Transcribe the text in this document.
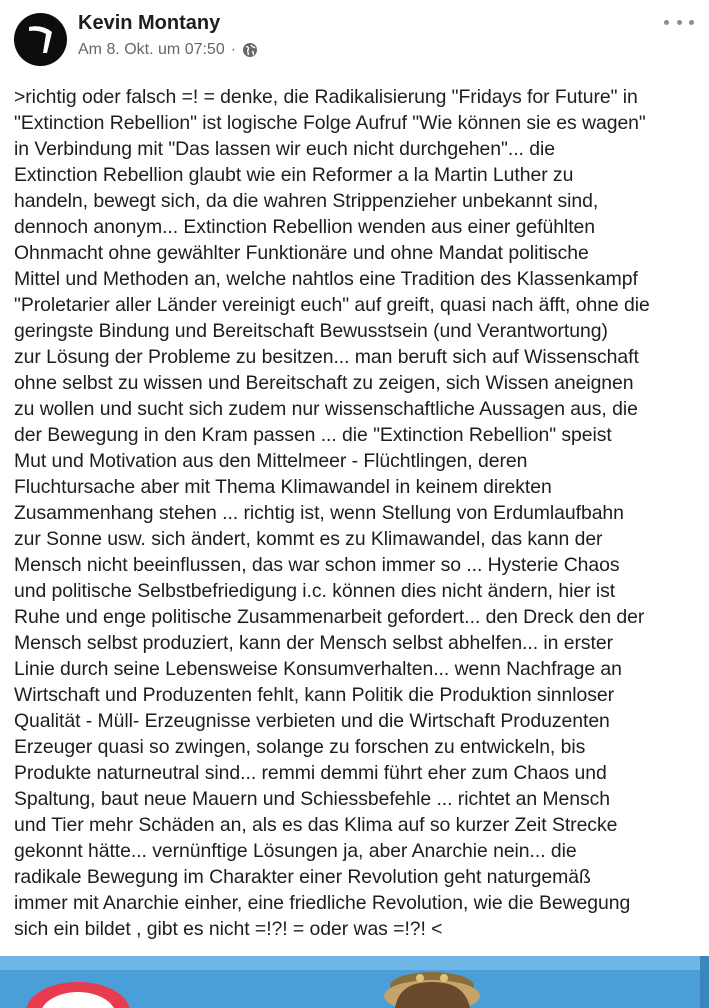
Kevin Montany
Am 8. Okt. um 07:50 ·
>richtig oder falsch =! = denke, die Radikalisierung "Fridays for Future" in
"Extinction Rebellion" ist logische Folge Aufruf "Wie können sie es wagen"
in Verbindung mit "Das lassen wir euch nicht durchgehen"... die
Extinction Rebellion glaubt wie ein Reformer a la Martin Luther zu
handeln, bewegt sich, da die wahren Strippenzieher unbekannt sind,
dennoch anonym... Extinction Rebellion wenden aus einer gefühlten
Ohnmacht ohne gewählter Funktionäre und ohne Mandat politische
Mittel und Methoden an, welche nahtlos eine Tradition des Klassenkampf
"Proletarier aller Länder vereinigt euch" auf greift, quasi nach äfft, ohne die
geringste Bindung und Bereitschaft Bewusstsein (und Verantwortung)
zur Lösung der Probleme zu besitzen... man beruft sich auf Wissenschaft
ohne selbst zu wissen und Bereitschaft zu zeigen, sich Wissen aneignen
zu wollen und sucht sich zudem nur wissenschaftliche Aussagen aus, die
der Bewegung in den Kram passen ... die "Extinction Rebellion" speist
Mut und Motivation aus den Mittelmeer - Flüchtlingen, deren
Fluchtursache aber mit Thema Klimawandel in keinem direkten
Zusammenhang stehen ... richtig ist, wenn Stellung von Erdumlaufbahn
zur Sonne usw. sich ändert, kommt es zu Klimawandel, das kann der
Mensch nicht beeinflussen, das war schon immer so ... Hysterie Chaos
und politische Selbstbefriedigung i.c. können dies nicht ändern, hier ist
Ruhe und enge politische Zusammenarbeit gefordert... den Dreck den der
Mensch selbst produziert, kann der Mensch selbst abhelfen... in erster
Linie durch seine Lebensweise Konsumverhalten... wenn Nachfrage an
Wirtschaft und Produzenten fehlt, kann Politik die Produktion sinnloser
Qualität - Müll- Erzeugnisse verbieten und die Wirtschaft Produzenten
Erzeuger quasi so zwingen, solange zu forschen zu entwickeln, bis
Produkte naturneutral sind... remmi demmi führt eher zum Chaos und
Spaltung, baut neue Mauern und Schiessbefehle ... richtet an Mensch
und Tier mehr Schäden an, als es das Klima auf so kurzer Zeit Strecke
gekonnt hätte... vernünftige Lösungen ja, aber Anarchie nein... die
radikale Bewegung im Charakter einer Revolution geht naturgemäß
immer mit Anarchie einher, eine friedliche Revolution, wie die Bewegung
sich ein bildet , gibt es nicht =!?! = oder was =!?! <
